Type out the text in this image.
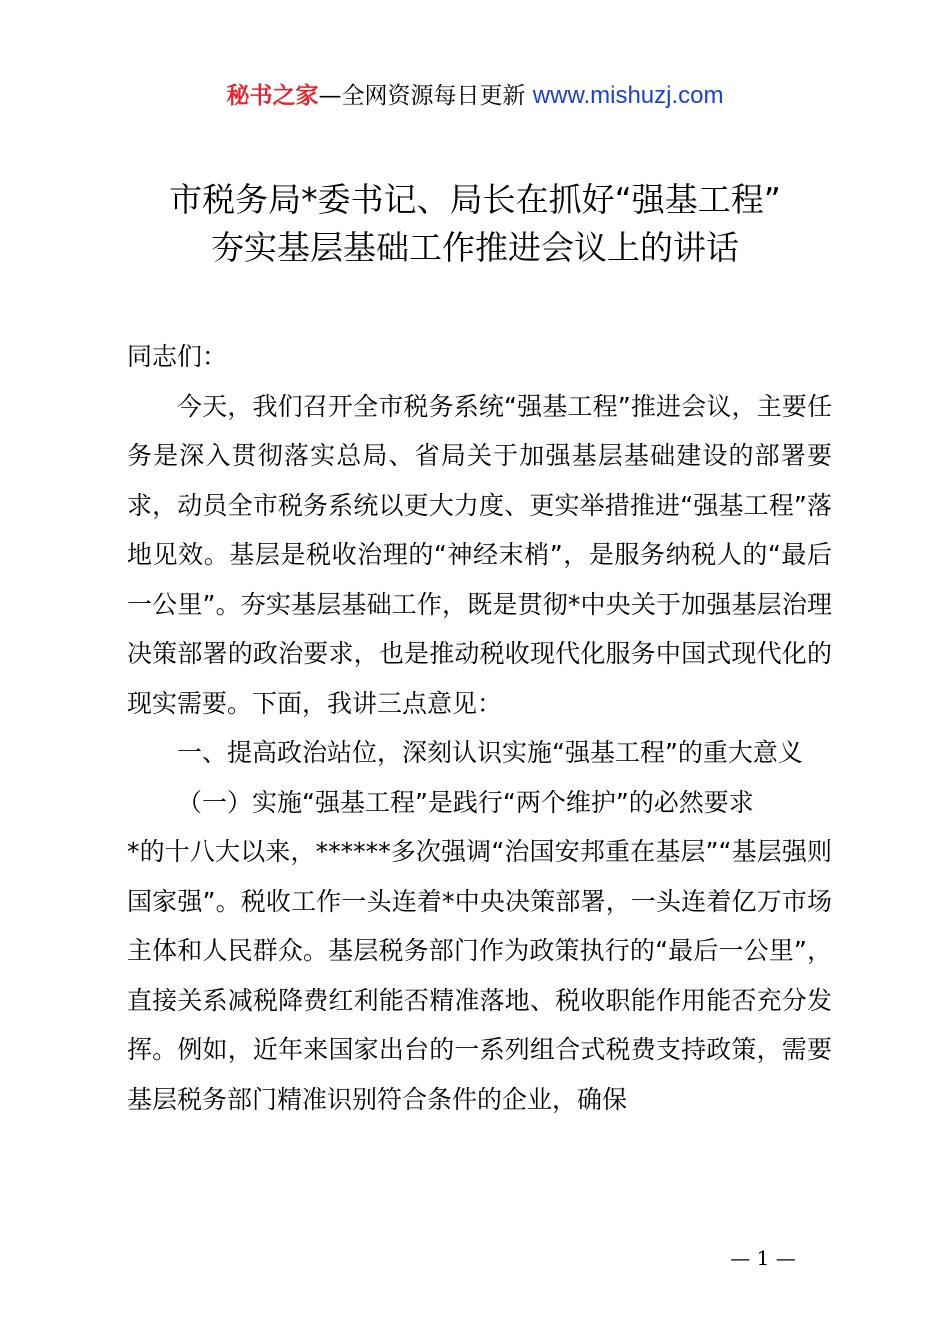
秘书之家—全网资源每日更新 www.mishuzj.com
市税务局*委书记、局长在抓好“强基工程”
夯实基层基础工作推进会议上的讲话

同志们：

今天，我们召开全市税务系统“强基工程”推进会议，主要任务是深入贯彻落实总局、省局关于加强基层基础建设的部署要求，动员全市税务系统以更大力度、更实举措推进“强基工程”落地见效。基层是税收治理的“神经末梢”，是服务纳税人的“最后一公里”。夯实基层基础工作，既是贯彻*中央关于加强基层治理决策部署的政治要求，也是推动税收现代化服务中国式现代化的现实需要。下面，我讲三点意见：

一、提高政治站位，深刻认识实施“强基工程”的重大意义

（一）实施“强基工程”是践行“两个维护”的必然要求

*的十八大以来，******多次强调“治国安邦重在基层”“基层强则国家强”。税收工作一头连着*中央决策部署，一头连着亿万市场主体和人民群众。基层税务部门作为政策执行的“最后一公里”，直接关系减税降费红利能否精准落地、税收职能作用能否充分发挥。例如，近年来国家出台的一系列组合式税费支持政策，需要基层税务部门精准识别符合条件的企业，确保

— 1 —
